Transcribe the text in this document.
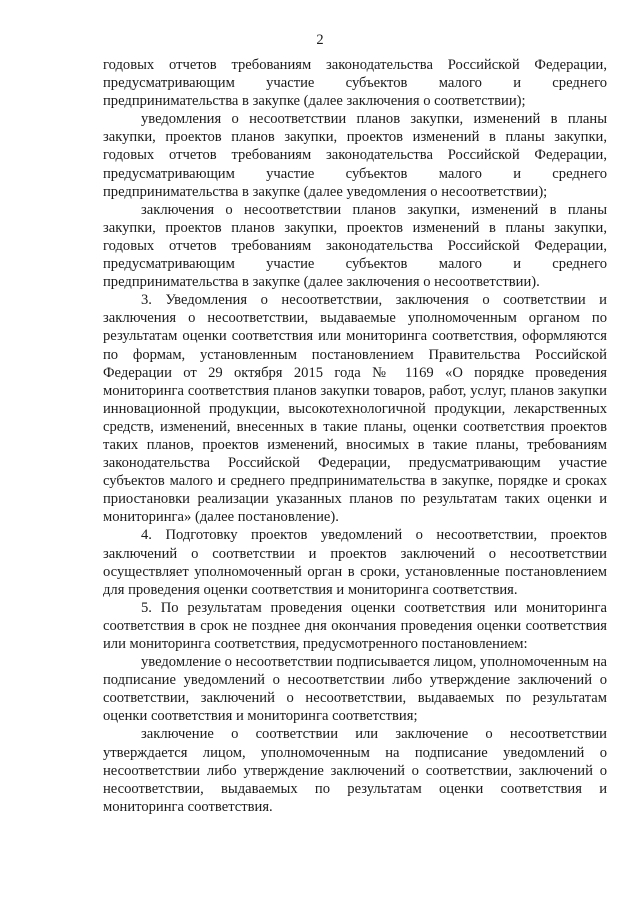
2

годовых отчетов требованиям законодательства Российской Федерации, предусматривающим участие субъектов малого и среднего предпринимательства в закупке (далее заключения о соответствии);

уведомления о несоответствии планов закупки, изменений в планы закупки, проектов планов закупки, проектов изменений в планы закупки, годовых отчетов требованиям законодательства Российской Федерации, предусматривающим участие субъектов малого и среднего предпринимательства в закупке (далее уведомления о несоответствии);

заключения о несоответствии планов закупки, изменений в планы закупки, проектов планов закупки, проектов изменений в планы закупки, годовых отчетов требованиям законодательства Российской Федерации, предусматривающим участие субъектов малого и среднего предпринимательства в закупке (далее заключения о несоответствии).

3. Уведомления о несоответствии, заключения о соответствии и заключения о несоответствии, выдаваемые уполномоченным органом по результатам оценки соответствия или мониторинга соответствия, оформляются по формам, установленным постановлением Правительства Российской Федерации от 29 октября 2015 года № 1169 «О порядке проведения мониторинга соответствия планов закупки товаров, работ, услуг, планов закупки инновационной продукции, высокотехнологичной продукции, лекарственных средств, изменений, внесенных в такие планы, оценки соответствия проектов таких планов, проектов изменений, вносимых в такие планы, требованиям законодательства Российской Федерации, предусматривающим участие субъектов малого и среднего предпринимательства в закупке, порядке и сроках приостановки реализации указанных планов по результатам таких оценки и мониторинга» (далее постановление).

4. Подготовку проектов уведомлений о несоответствии, проектов заключений о соответствии и проектов заключений о несоответствии осуществляет уполномоченный орган в сроки, установленные постановлением для проведения оценки соответствия и мониторинга соответствия.

5. По результатам проведения оценки соответствия или мониторинга соответствия в срок не позднее дня окончания проведения оценки соответствия или мониторинга соответствия, предусмотренного постановлением:

уведомление о несоответствии подписывается лицом, уполномоченным на подписание уведомлений о несоответствии либо утверждение заключений о соответствии, заключений о несоответствии, выдаваемых по результатам оценки соответствия и мониторинга соответствия;

заключение о соответствии или заключение о несоответствии утверждается лицом, уполномоченным на подписание уведомлений о несоответствии либо утверждение заключений о соответствии, заключений о несоответствии, выдаваемых по результатам оценки соответствия и мониторинга соответствия.
